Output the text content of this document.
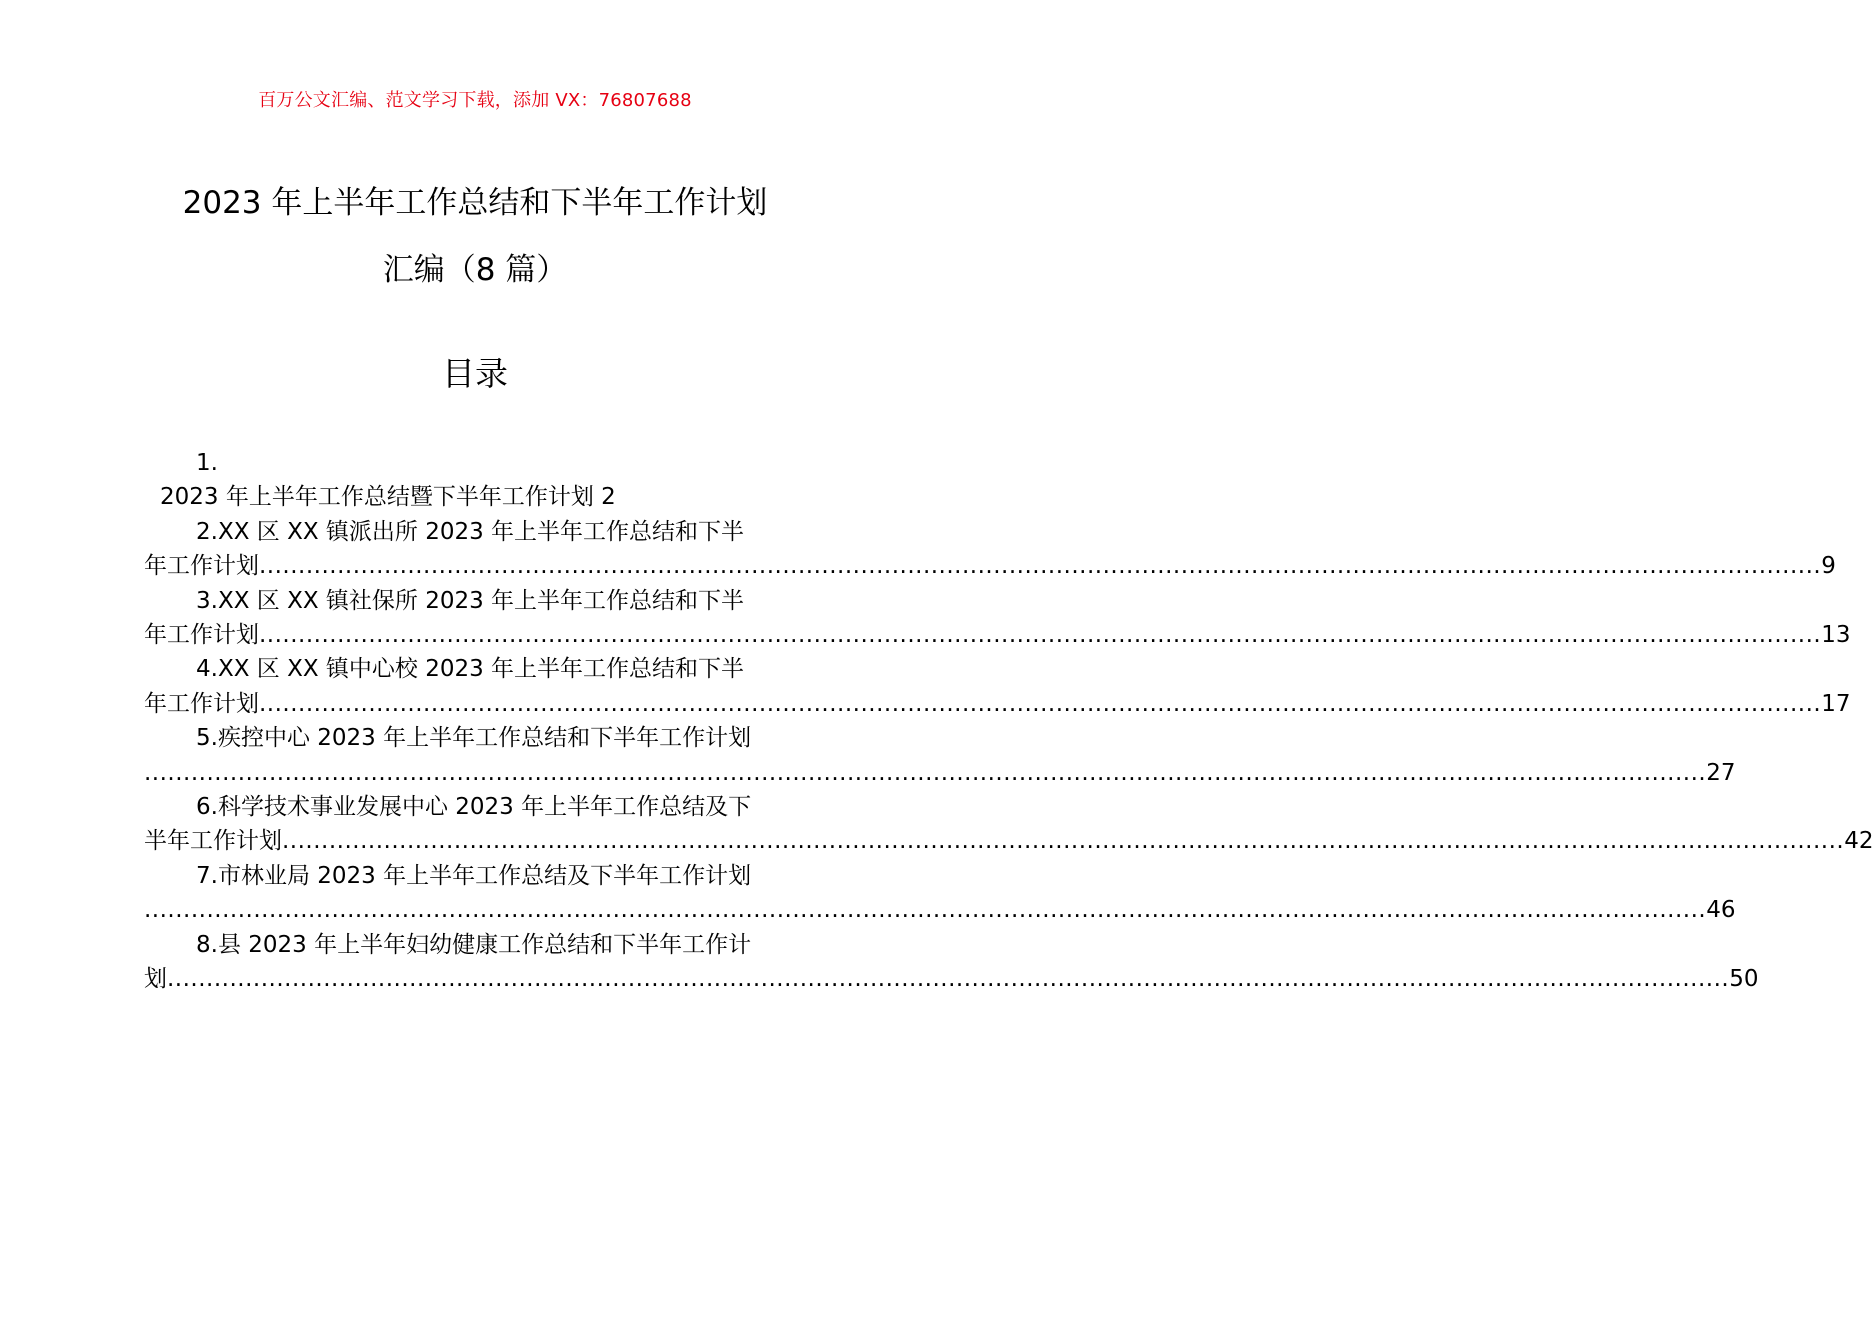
百万公文汇编、范文学习下载，添加 VX：76807688
2023 年上半年工作总结和下半年工作计划
汇编（8 篇）
目录
1.
2023 年上半年工作总结暨下半年工作计划 2
2.XX 区 XX 镇派出所 2023 年上半年工作总结和下半
年工作计划 ........................................................................................................................................................................................................ 9
3.XX 区 XX 镇社保所 2023 年上半年工作总结和下半
年工作计划 ........................................................................................................................................................................................................ 13
4.XX 区 XX 镇中心校 2023 年上半年工作总结和下半
年工作计划 ........................................................................................................................................................................................................ 17
5.疾控中心 2023 年上半年工作总结和下半年工作计划
........................................................................................................................................................................................................ 27
6.科学技术事业发展中心 2023 年上半年工作总结及下
半年工作计划 ........................................................................................................................................................................................................ 42
7.市林业局 2023 年上半年工作总结及下半年工作计划
........................................................................................................................................................................................................ 46
8.县 2023 年上半年妇幼健康工作总结和下半年工作计
划 ........................................................................................................................................................................................................ 50
